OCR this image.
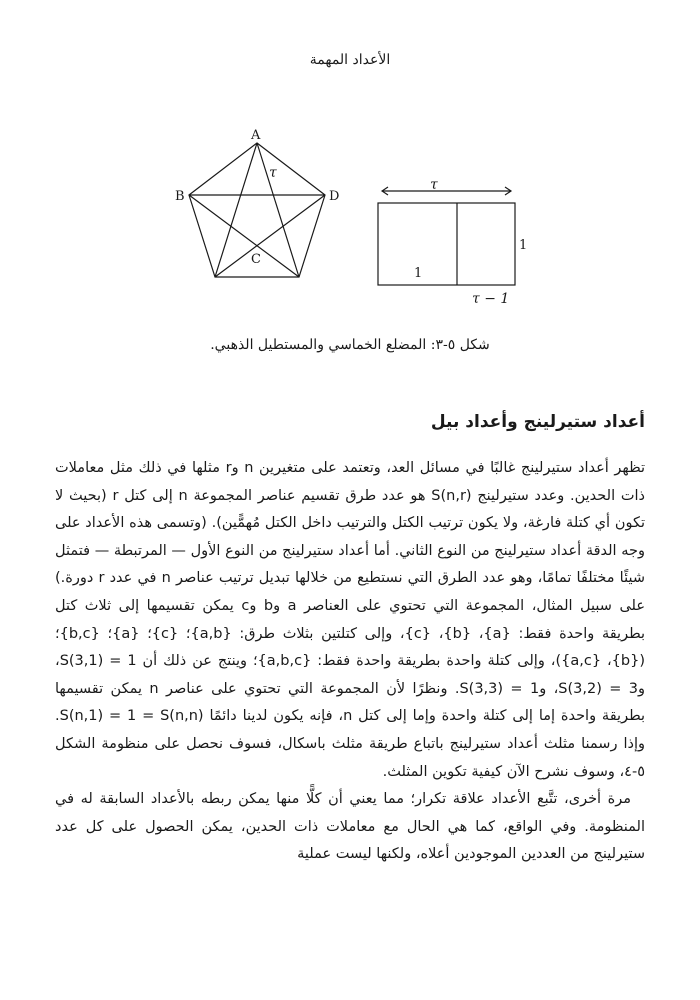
الأعداد المهمة
A
B
C
D
τ
τ
1
1
τ − 1
شكل ٥-٣: المضلع الخماسي والمستطيل الذهبي.
أعداد ستيرلينج وأعداد بيل

تظهر أعداد ستيرلينج غالبًا في مسائل العد، وتعتمد على متغيرين n وr مثلها في ذلك مثل معاملات ذات الحدين. وعدد ستيرلينج S(n,r) هو عدد طرق تقسيم عناصر المجموعة n إلى كتل r (بحيث لا تكون أي كتلة فارغة، ولا يكون ترتيب الكتل والترتيب داخل الكتل مُهمًّين). (وتسمى هذه الأعداد على وجه الدقة أعداد ستيرلينج من النوع الثاني. أما أعداد ستيرلينج من النوع الأول — المرتبطة — فتمثل شيئًا مختلفًا تمامًا، وهو عدد الطرق التي نستطيع من خلالها تبديل ترتيب عناصر n في عدد r دورة.) على سبيل المثال، المجموعة التي تحتوي على العناصر a وb وc يمكن تقسيمها إلى ثلاث كتل بطريقة واحدة فقط: {a}، {b}، {c}، وإلى كتلتين بثلاث طرق: {a,b}؛ {c}؛ {a}؛ {b,c}؛ ({b}، {a,c})، وإلى كتلة واحدة بطريقة واحدة فقط: {a,b,c}؛ وينتج عن ذلك أن S(3,1) = 1، وS(3,2) = 3، وS(3,3) = 1. ونظرًا لأن المجموعة التي تحتوي على عناصر n يمكن تقسيمها بطريقة واحدة إما إلى كتلة واحدة وإما إلى كتل n، فإنه يكون لدينا دائمًا S(n,1) = 1 = S(n,n). وإذا رسمنا مثلث أعداد ستيرلينج باتباع طريقة مثلث باسكال، فسوف نحصل على منظومة الشكل ٥-٤، وسوف نشرح الآن كيفية تكوين المثلث.

مرة أخرى، تتَّبع الأعداد علاقة تكرار؛ مما يعني أن كلًّا منها يمكن ربطه بالأعداد السابقة له في المنظومة. وفي الواقع، كما هي الحال مع معاملات ذات الحدين، يمكن الحصول على كل عدد ستيرلينج من العددين الموجودين أعلاه، ولكنها ليست عملية
